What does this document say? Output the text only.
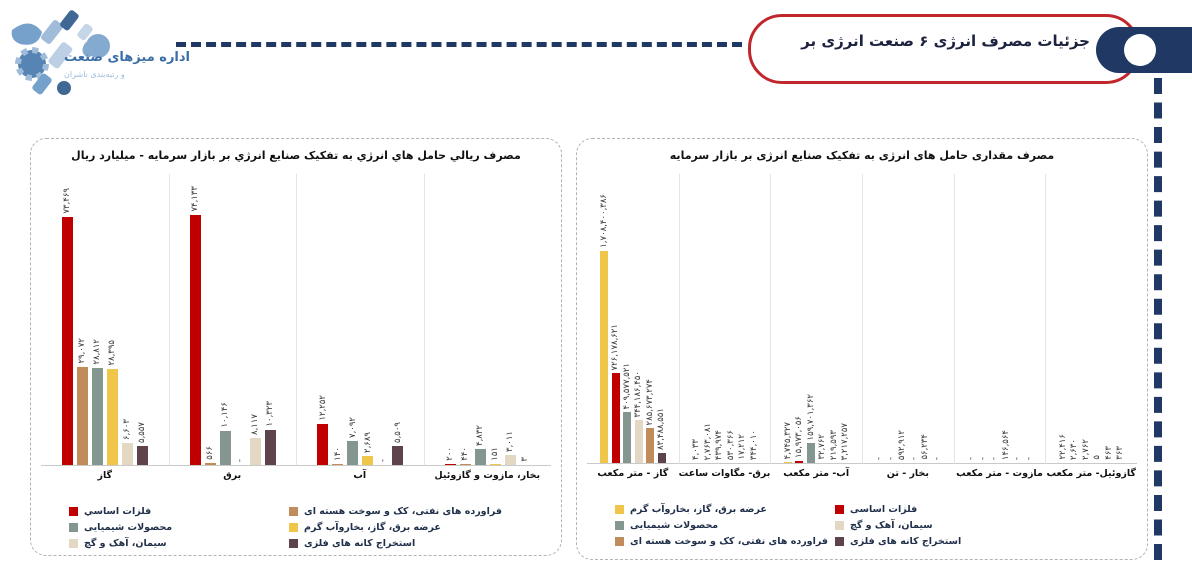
جزئیات مصرف انرژی ۶ صنعت انرژی بر
اداره میزهای صنعت
و رتبه‌بندی ناشران
مصرف ريالي حامل هاي انرژي به تفکیک صنایع انرژي بر بازار سرمایه - میلیارد ریال
۷۳,۴۶۹
۲۹,۰۷۲ ۲۸,۸۱۲ ۲۸,۳۹۵
۶,۶۰۳ ۵,۵۵۷
گاز
۷۴,۱۳۳
۵۶۶
۱۰,۱۴۶
-
۸,۱۱۷ ۱۰,۳۲۳
برق
۱۲,۲۵۲
۱۴۰
۷,۰۹۲
۲,۶۸۹
-
۵,۵۰۹
آب
۲۰۰ ۴۴۰
۴,۸۳۲
۱۵۱
۳,۰۱۱
۳
بخار، مازوت و گازوئیل
فلزات اساسي
محصولات شیمیایی
سیمان، آهک و گچ
فراورده های نفتی، کک و سوخت هسته ای
عرضه برق، گاز، بخاروآب گرم
استخراج کانه های فلزی
مصرف مقداری حامل های انرژی به تفکیک صنایع انرژی بر بازار سرمایه
۱,۷۰۸,۴۰۰,۳۸۶
۷۲۶,۱۷۸,۶۲۱
۴۰۹,۵۷۷,۵۲۱ ۳۴۴,۱۸۶,۴۵۰ ۲۸۵,۶۷۳,۲۷۴
۸۳,۴۸۸,۵۵۱
گاز - متر مکعب
۴,۰۳۳ ۲,۷۶۳,۰۸۱ ۴۳۹,۹۷۴ ۵۳۰,۳۶۶ ۱۷,۲۱۲ ۳۴۴,۰۱۰
برق- مگاوات ساعت
۴,۷۴۵,۳۲۷ ۱۵,۹۷۳,۰۵۶ ۱۵۹,۷۰۱,۳۶۲
۳۲,۷۶۲ ۲۱۹,۵۹۳ ۳,۲۱۷,۲۵۷
آب- متر مکعب
- - ۵۹۲,۹۱۲ - ۵۶,۲۳۴ -
بخار - تن
- - - ۱۴۶,۵۶۴ - -
مازوت - متر مکعب
۲۲,۴۱۶ ۲,۶۳۰ ۲,۷۶۲ ۵ ۴۶۳ ۳۶۳
گازوئیل- متر مکعب
عرضه برق، گاز، بخاروآب گرم
محصولات شیمیایی
فراورده های نفتی، کک و سوخت هسته ای
فلزات اساسی
سیمان، آهک و گچ
استخراج کانه های فلزی
